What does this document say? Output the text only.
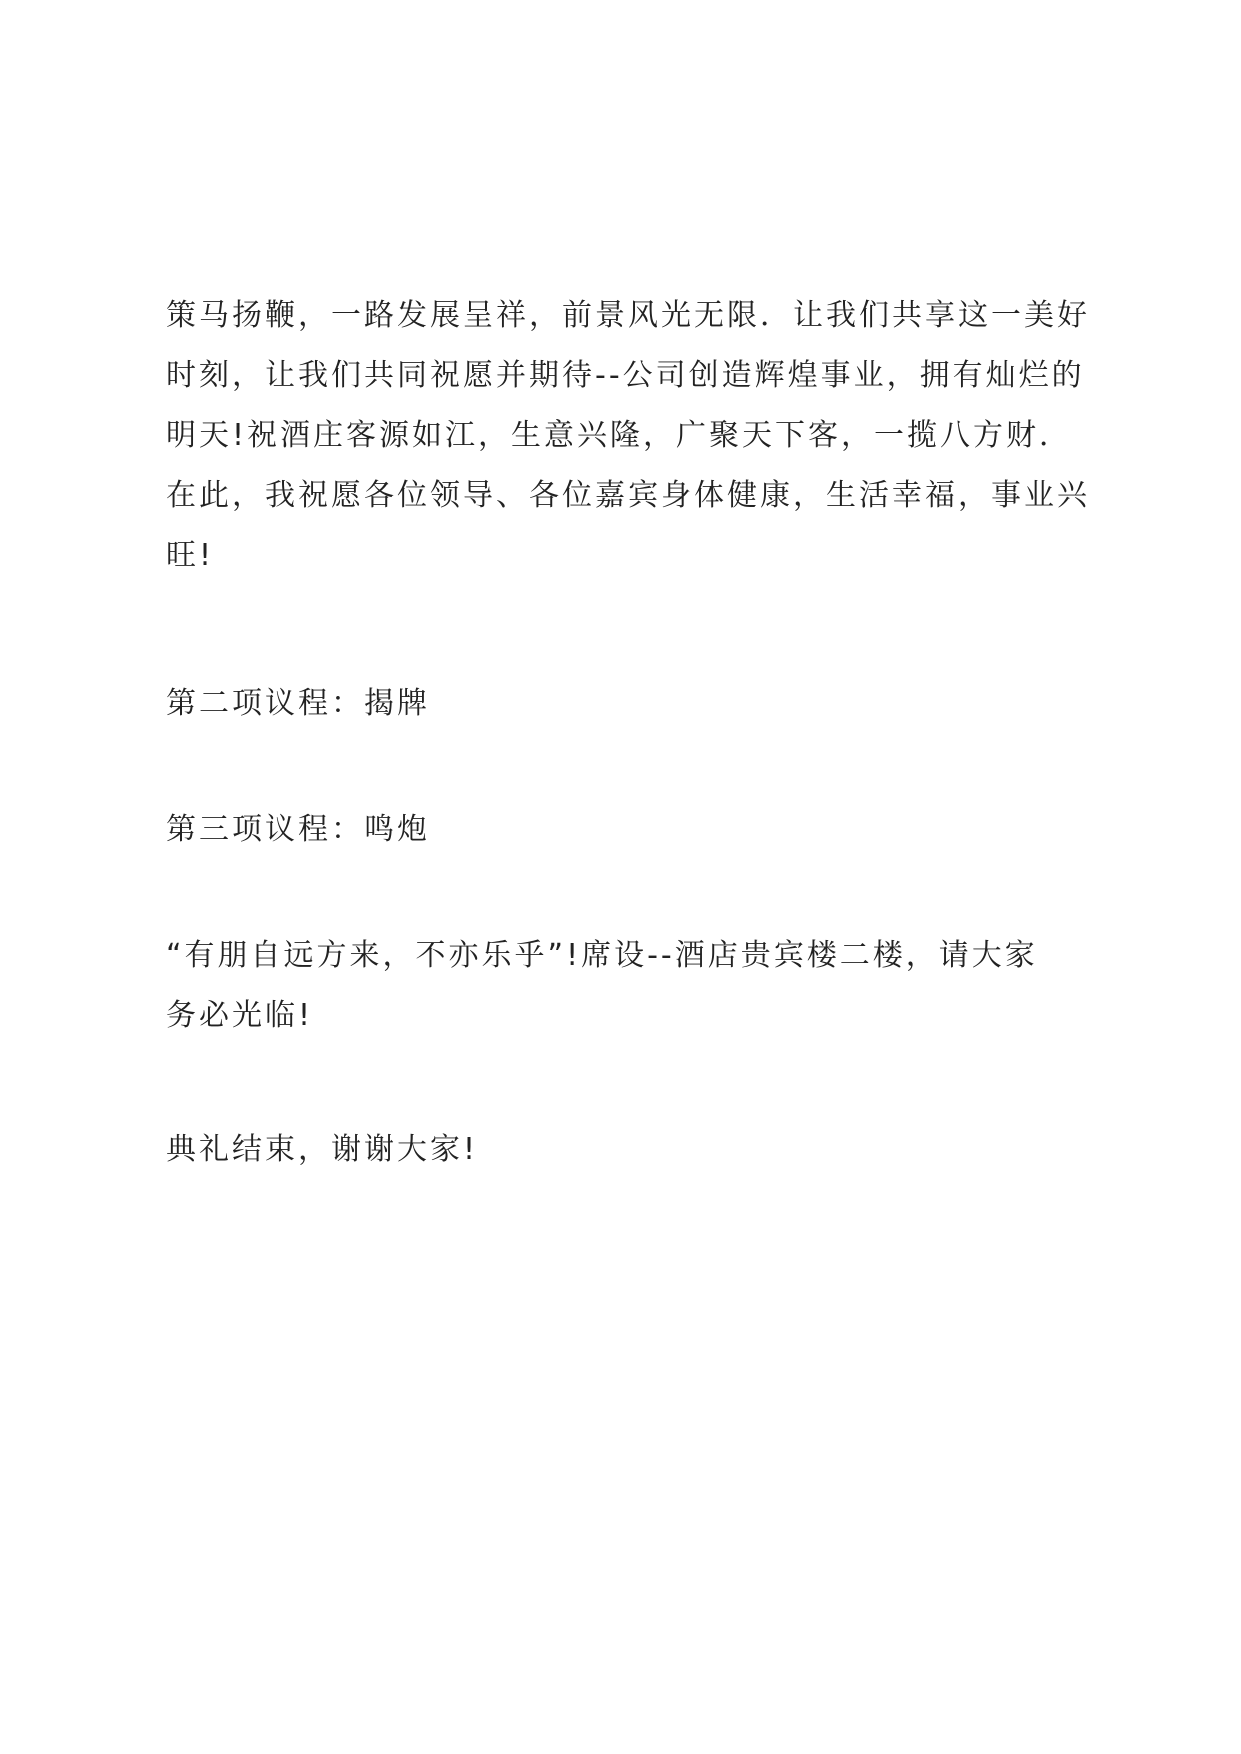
策马扬鞭，一路发展呈祥，前景风光无限．让我们共享这一美好
时刻，让我们共同祝愿并期待--公司创造辉煌事业，拥有灿烂的
明天!祝酒庄客源如江，生意兴隆，广聚天下客，一揽八方财．
在此，我祝愿各位领导、各位嘉宾身体健康，生活幸福，事业兴
旺!
第二项议程：揭牌
第三项议程：鸣炮
“有朋自远方来，不亦乐乎”!席设--酒店贵宾楼二楼，请大家
务必光临!
典礼结束，谢谢大家!
